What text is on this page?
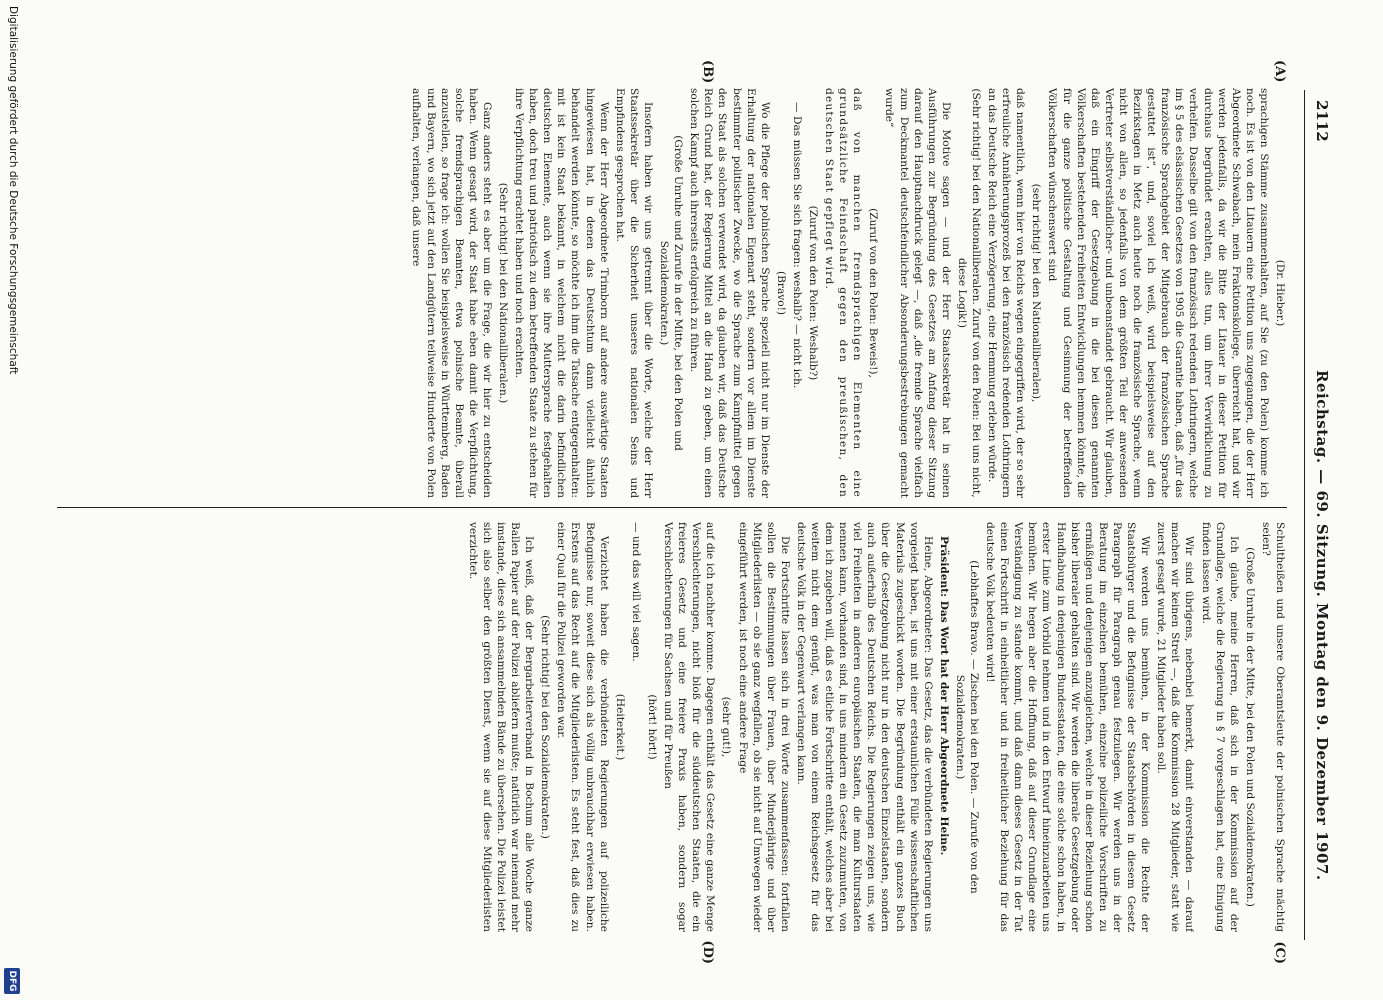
2112
Reichstag. — 69. Sitzung. Montag den 9. Dezember 1907.
(A)
(B)
(C)
(D)
(Dr. Hieber.)

sprachigen Stämme zusammenhalten, auf Sie (zu den Polen) komme ich noch. Es ist von den Litauern eine Petition uns zugegangen, die der Herr Abgeordnete Schwabach, mein Fraktionskollege, überreicht hat, und wir werden jedenfalls, da wir die Bitte der Litauer in dieser Petition für durchaus begründet erachten, alles tun, um ihrer Verwirklichung zu verhelfen. Dasselbe gilt von den französisch redenden Lothringern, welche im § 5 des elsässischen Gesetzes von 1905 die Garantie haben, daß „für das französische Sprachgebiet der Mitgebrauch der französischen Sprache gestattet ist“, und, soviel ich weiß, wird beispielsweise auf den Bezirkstagen in Metz auch heute noch die französische Sprache, wenn nicht von allen, so jedenfalls von dem größten Teil der anwesenden Vertreter selbstverständlicher- und unbeanstandet gebraucht. Wir glauben, daß ein Eingriff der Gesetzgebung in die bei diesen genannten Völkerschaften bestehenden Freiheiten Entwicklungen hemmen könnte, die für die ganze politische Gestaltung und Gesinnung der betreffenden Völkerschaften wünschenswert sind

(sehr richtig! bei den Nationalliberalen),

daß namentlich, wenn hier von Reichs wegen eingegriffen wird, der so sehr erfreuliche Annäherungsprozeß bei den französisch redenden Lothringern an das Deutsche Reich eine Verzögerung, eine Hemmung erleben würde.

(Sehr richtig! bei den Nationalliberalen. Zuruf von den Polen: Bei uns nicht, diese Logik!)

Die Motive sagen — und der Herr Staatssekretär hat in seinen Ausführungen zur Begründung des Gesetzes am Anfang dieser Sitzung darauf den Hauptnachdruck gelegt —, daß „die fremde Sprache vielfach zum Deckmantel deutschfeindlicher Absonderungsbestrebungen gemacht wurde“

(Zuruf von den Polen: Beweis!),

daß von manchen fremdsprachigen Elementen eine grundsätzliche Feindschaft gegen den preußischen, den deutschen Staat gepflegt wird.

(Zuruf von den Polen: Weshalb?)

— Das müssen Sie sich fragen: weshalb? — nicht ich.

(Bravo!)

Wo die Pflege der polnischen Sprache speziell nicht nur im Dienste der Erhaltung der nationalen Eigenart steht, sondern vor allem im Dienste bestimmter politischer Zwecke, wo die Sprache zum Kampfmittel gegen den Staat als solchen verwendet wird, da glauben wir, daß das Deutsche Reich Grund hat, der Regierung Mittel an die Hand zu geben, um einen solchen Kampf auch ihrerseits erfolgreich zu führen.

(Große Unruhe und Zurufe in der Mitte, bei den Polen und Sozialdemokraten.)

Insofern haben wir uns getrennt über die Worte, welche der Herr Staatssekretär über die Sicherheit unseres nationalen Seins und Empfindens gesprochen hat.

Wenn der Herr Abgeordnete Trimborn auf andere auswärtige Staaten hingewiesen hat, in denen das Deutschtum dann vielleicht ähnlich behandelt werden könnte, so möchte ich ihm die Tatsache entgegenhalten: mit ist kein Staat bekannt, in welchem nicht die darin befindlichen deutschen Elemente, auch wenn sie ihre Muttersprache festgehalten haben, doch treu und patriotisch zu dem betreffenden Staate zu stehen für ihre Verpflichtung erachtet haben und noch erachten.

(Sehr richtig! bei den Nationalliberalen.)

Ganz anders steht es aber um die Frage, die wir hier zu entscheiden haben. Wenn gesagt wird, der Staat habe eben damit die Verpflichtung, solche fremdsprachigen Beamten, etwa polnische Beamte, überall anzustellen, so frage ich: wollen Sie beispielsweise in Württemberg, Baden und Bayern, wo sich jetzt auf den Landgütern teilweise Hunderte von Polen aufhalten, verlangen, daß unsere

Schultheißen und unsere Oberamtsleute der polnischen Sprache mächtig seien?

(Große Unruhe in der Mitte, bei den Polen und Sozialdemokraten.)

Ich glaube, meine Herren, daß sich in der Kommission auf der Grundlage, welche die Regierung in § 7 vorgeschlagen hat, eine Einigung finden lassen wird.

Wir sind übrigens, nebenbei bemerkt, damit einverstanden — darauf machen wir keinen Streit —, daß die Kommission 28 Mitglieder, statt wie zuerst gesagt wurde, 21 Mitglieder haben soll.

Wir werden uns bemühen, in der Kommission die Rechte der Staatsbürger und die Befugnisse der Staatsbehörden in diesem Gesetz Paragraph für Paragraph genau festzulegen. Wir werden uns in der Beratung im einzelnen bemühen, einzelne polizeiliche Vorschriften zu ermäßigen und denjenigen anzugleichen, welche in dieser Beziehung schon bisher liberaler gehalten sind. Wir werden die liberale Gesetzgebung oder Handhabung in denjenigen Bundesstaaten, die eine solche schon haben, in erster Linie zum Vorbild nehmen und in den Entwurf hineinzuarbeiten uns bemühen. Wir hegen aber die Hoffnung, daß auf dieser Grundlage eine Verständigung zu stande kommt, und daß dann dieses Gesetz in der Tat einen Fortschritt in einheitlicher und in freiheitlicher Beziehung für das deutsche Volk bedeuten wird!

(Lebhaftes Bravo. — Zischen bei den Polen. — Zurufe von den Sozialdemokraten.)

Präsident: Das Wort hat der Herr Abgeordnete Heine.

Heine, Abgeordneter: Das Gesetz, das die verbündeten Regierungen uns vorgelegt haben, ist uns mit einer erstaunlichen Fülle wissenschaftlichen Materials zugeschickt worden. Die Begründung enthält ein ganzes Buch über die Gesetzgebung nicht nur in den deutschen Einzelstaaten, sondern auch außerhalb des Deutschen Reichs. Die Regierungen zeigen uns, wie viel Freiheiten in anderen europäischen Staaten, die man Kulturstaaten nennen kann, vorhanden sind, in uns mindern ein Gesetz zuzumuten, von dem ich zugeben will, daß es etliche Fortschritte enthält, welches aber bei weitem nicht dem genügt, was man von einem Reichsgesetz für das deutsche Volk in der Gegenwart verlangen kann.

Die Fortschritte lassen sich in drei Worte zusammenfassen: fortfallen sollen die Bestimmungen über Frauen, über Minderjährige und über Mitgliederlisten — ob sie ganz wegfallen, ob sie nicht auf Umwegen wieder eingeführt werden, ist noch eine andere Frage

(sehr gut!),

auf die ich nachher komme. Dagegen enthält das Gesetz eine ganze Menge Verschlechterungen, nicht bloß für die süddeutschen Staaten, die ein freieres Gesetz und eine freiere Praxis haben, sondern sogar Verschlechterungen für Sachsen und für Preußen

(hört! hört!)

— und das will viel sagen.

(Heiterkeit.)

Verzichtet haben die verbündeten Regierungen auf polizeiliche Befugnisse nur, soweit diese sich als völlig unbrauchbar erwiesen haben. Erstens auf das Recht auf die Mitgliederlisten. Es steht fest, daß dies zu einer Qual für die Polizei geworden war.

(Sehr richtig! bei den Sozialdemokraten.)

Ich weiß, daß der Bergarbeiterverband in Bochum alle Woche ganze Ballen Papier auf der Polizei abliefern mußte; natürlich war niemand mehr imstande, diese sich ansammelnden Bände zu übersehen. Die Polizei leistet sich also selber den größten Dienst, wenn sie auf diese Mitgliederlisten verzichtet.

Digitalisierung gefördert durch die Deutsche Forschungsgemeinschaft
DFG
